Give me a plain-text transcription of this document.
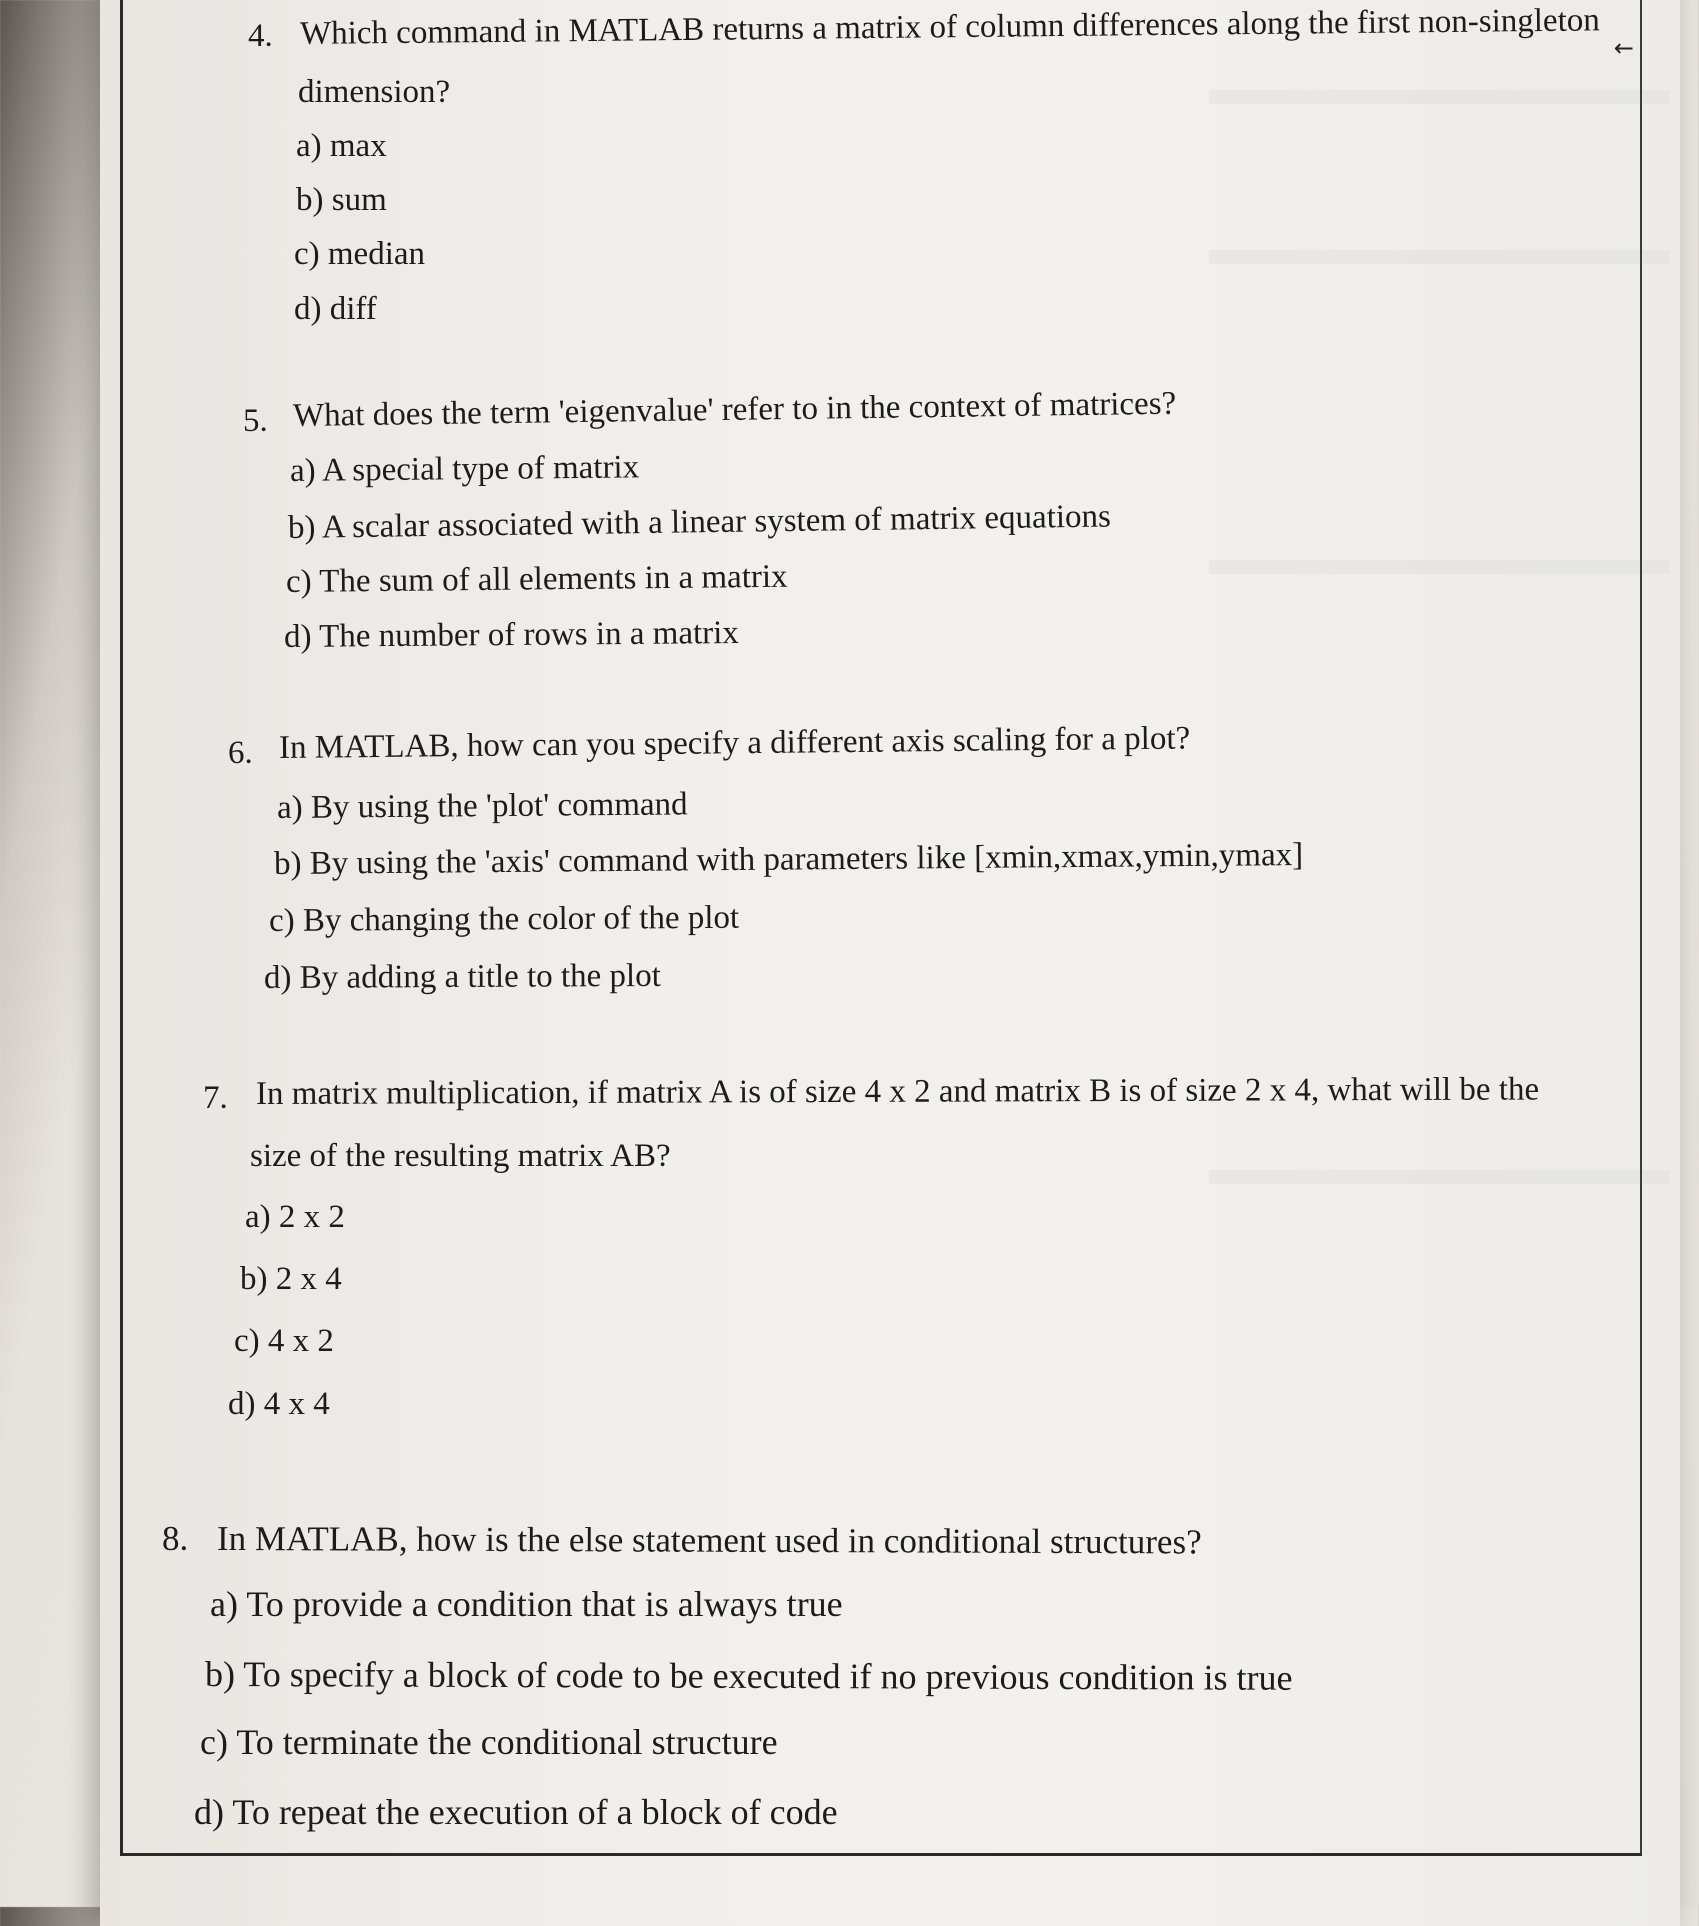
←
4. Which command in MATLAB returns a matrix of column differences along the first non-singleton
dimension?
a) max
b) sum
c) median
d) diff
5. What does the term 'eigenvalue' refer to in the context of matrices?
a) A special type of matrix
b) A scalar associated with a linear system of matrix equations
c) The sum of all elements in a matrix
d) The number of rows in a matrix
6. In MATLAB, how can you specify a different axis scaling for a plot?
a) By using the 'plot' command
b) By using the 'axis' command with parameters like [xmin,xmax,ymin,ymax]
c) By changing the color of the plot
d) By adding a title to the plot
7. In matrix multiplication, if matrix A is of size 4 x 2 and matrix B is of size 2 x 4, what will be the
size of the resulting matrix AB?
a) 2 x 2
b) 2 x 4
c) 4 x 2
d) 4 x 4
8. In MATLAB, how is the else statement used in conditional structures?
a) To provide a condition that is always true
b) To specify a block of code to be executed if no previous condition is true
c) To terminate the conditional structure
d) To repeat the execution of a block of code
